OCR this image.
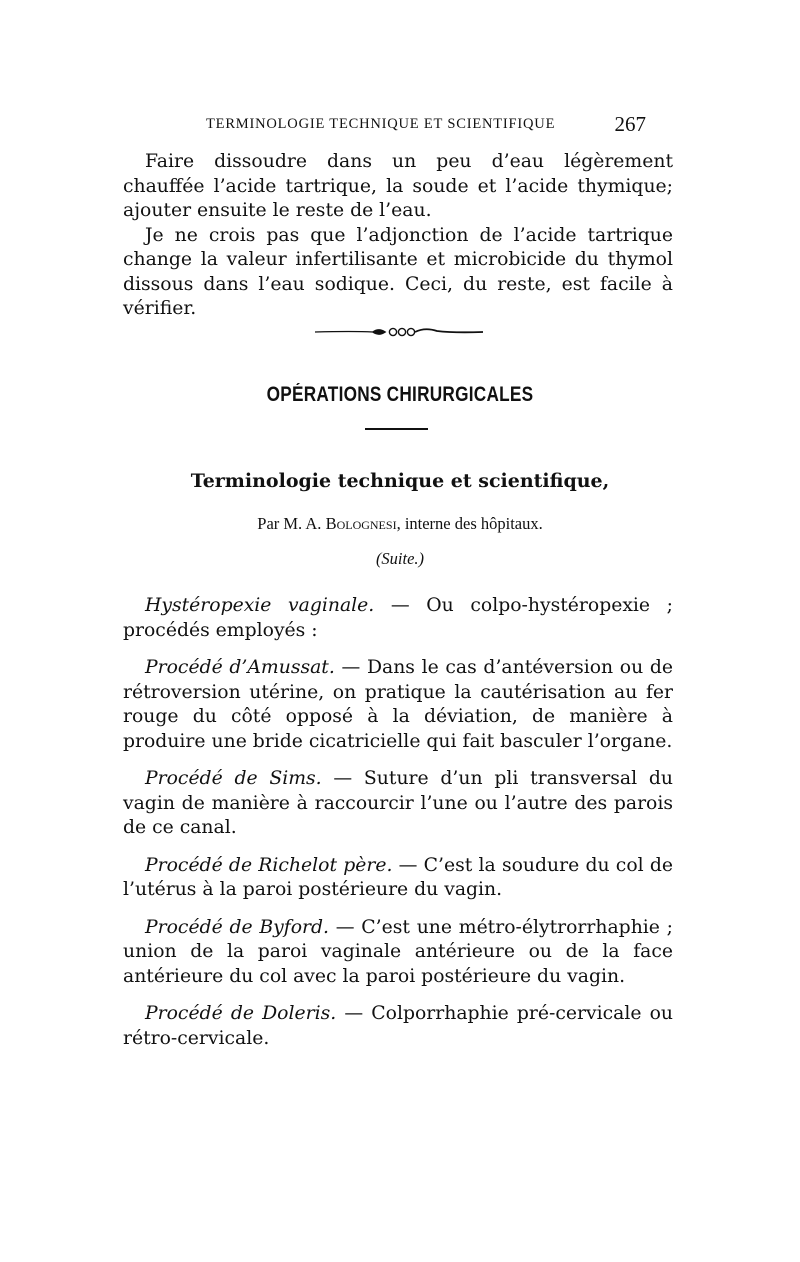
TERMINOLOGIE TECHNIQUE ET SCIENTIFIQUE	267

Faire dissoudre dans un peu d’eau légèrement chauffée l’acide tartrique, la soude et l’acide thymique; ajouter ensuite le reste de l’eau.

Je ne crois pas que l’adjonction de l’acide tartrique change la valeur infertilisante et microbicide du thymol dissous dans l’eau sodique. Ceci, du reste, est facile à vérifier.

OPÉRATIONS CHIRURGICALES
Terminologie technique et scientifique,
Par M. A. Bolognesi, interne des hôpitaux.
(Suite.)

Hystéropexie vaginale. — Ou colpo-hystéropexie ; procédés employés :

Procédé d’Amussat. — Dans le cas d’antéversion ou de rétroversion utérine, on pratique la cautérisation au fer rouge du côté opposé à la déviation, de manière à produire une bride cicatricielle qui fait basculer l’organe.

Procédé de Sims. — Suture d’un pli transversal du vagin de manière à raccourcir l’une ou l’autre des parois de ce canal.

Procédé de Richelot père. — C’est la soudure du col de l’utérus à la paroi postérieure du vagin.

Procédé de Byford. — C’est une métro-élytrorrhaphie ; union de la paroi vaginale antérieure ou de la face antérieure du col avec la paroi postérieure du vagin.

Procédé de Doleris. — Colporrhaphie pré-cervicale ou rétro-cervicale.
